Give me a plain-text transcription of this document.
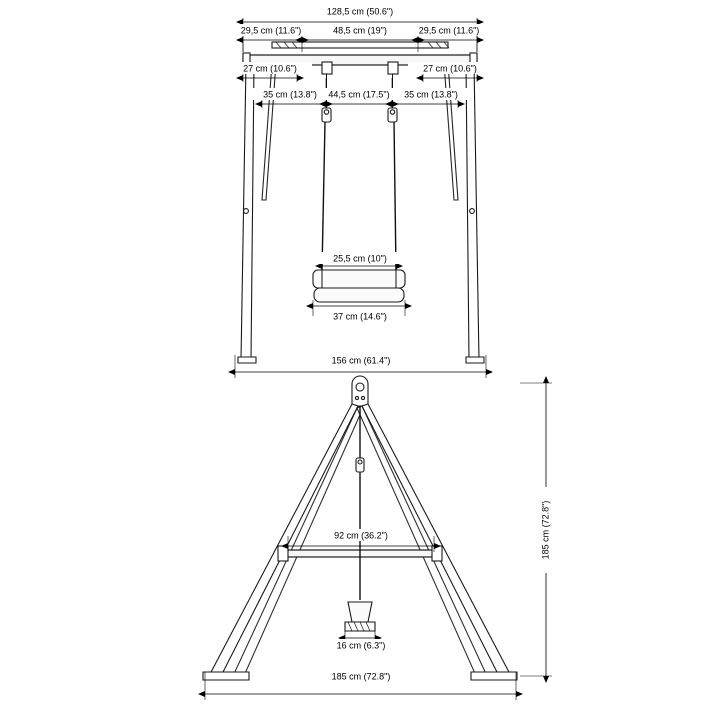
128,5 cm (50.6")
29,5 cm (11.6")	48,5 cm (19")	29,5 cm (11.6")
27 cm (10.6")	27 cm (10.6")
35 cm (13.8") 44,5 cm (17.5") 35 cm (13.8")
25,5 cm (10")
37 cm (14.6")
156 cm (61.4")
92 cm (36.2")
16 cm (6.3")
185 cm (72.8")
185 cm (72.8")
